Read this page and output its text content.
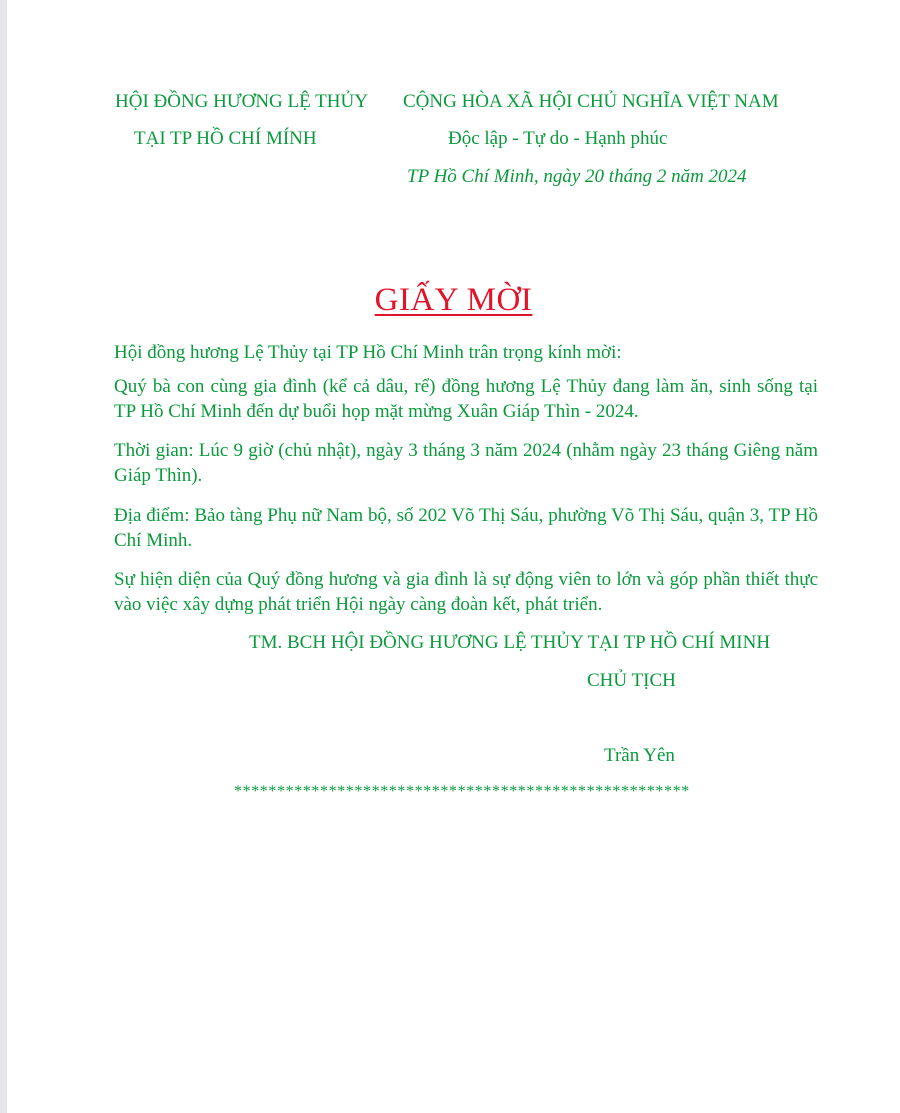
HỘI ĐỒNG HƯƠNG LỆ THỦY
TẠI TP HỒ CHÍ MÍNH
CỘNG HÒA XÃ HỘI CHỦ NGHĨA VIỆT NAM
Độc lập - Tự do - Hạnh phúc
TP Hồ Chí Minh, ngày 20 tháng 2 năm 2024
GIẤY MỜI
Hội đồng hương Lệ Thủy tại TP Hồ Chí Minh trân trọng kính mời:
Quý bà con cùng gia đình (kể cả dâu, rể) đồng hương Lệ Thủy đang làm ăn, sinh sống tại TP Hồ Chí Minh đến dự buổi họp mặt mừng Xuân Giáp Thìn - 2024.
Thời gian: Lúc 9 giờ (chủ nhật), ngày 3 tháng 3 năm 2024 (nhằm ngày 23 tháng Giêng năm Giáp Thìn).
Địa điểm: Bảo tàng Phụ nữ Nam bộ, số 202 Võ Thị Sáu, phường Võ Thị Sáu, quận 3, TP Hồ Chí Minh.
Sự hiện diện của Quý đồng hương và gia đình là sự động viên to lớn và góp phần thiết thực vào việc xây dựng phát triển Hội ngày càng đoàn kết, phát triển.
TM. BCH HỘI ĐỒNG HƯƠNG LỆ THỦY TẠI TP HỒ CHÍ MINH
CHỦ TỊCH
Trần Yên
*****************************************************
